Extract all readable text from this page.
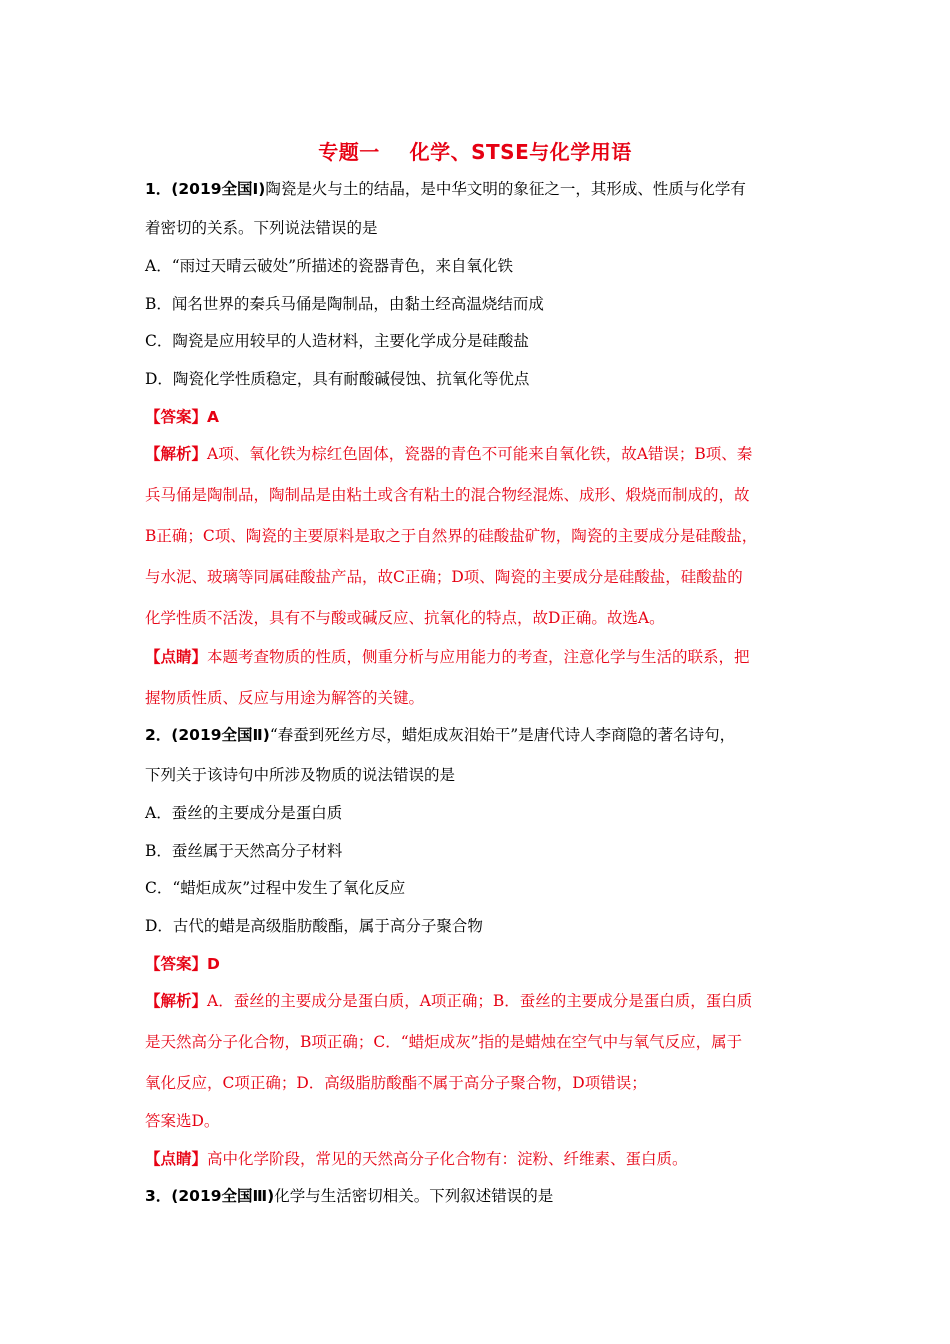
专题一    化学、STSE与化学用语
1．(2019全国Ⅰ)陶瓷是火与土的结晶，是中华文明的象征之一，其形成、性质与化学有
着密切的关系。下列说法错误的是
A．“雨过天晴云破处”所描述的瓷器青色，来自氧化铁
B．闻名世界的秦兵马俑是陶制品，由黏土经高温烧结而成
C．陶瓷是应用较早的人造材料，主要化学成分是硅酸盐
D．陶瓷化学性质稳定，具有耐酸碱侵蚀、抗氧化等优点
【答案】A
【解析】A项、氧化铁为棕红色固体，瓷器的青色不可能来自氧化铁，故A错误；B项、秦
兵马俑是陶制品，陶制品是由粘土或含有粘土的混合物经混炼、成形、煅烧而制成的，故
B正确；C项、陶瓷的主要原料是取之于自然界的硅酸盐矿物，陶瓷的主要成分是硅酸盐，
与水泥、玻璃等同属硅酸盐产品，故C正确；D项、陶瓷的主要成分是硅酸盐，硅酸盐的
化学性质不活泼，具有不与酸或碱反应、抗氧化的特点，故D正确。故选A。
【点睛】本题考查物质的性质，侧重分析与应用能力的考查，注意化学与生活的联系，把
握物质性质、反应与用途为解答的关键。
2．(2019全国Ⅱ)“春蚕到死丝方尽，蜡炬成灰泪始干”是唐代诗人李商隐的著名诗句，
下列关于该诗句中所涉及物质的说法错误的是
A．蚕丝的主要成分是蛋白质
B．蚕丝属于天然高分子材料
C．“蜡炬成灰”过程中发生了氧化反应
D．古代的蜡是高级脂肪酸酯，属于高分子聚合物
【答案】D
【解析】A．蚕丝的主要成分是蛋白质，A项正确；B．蚕丝的主要成分是蛋白质，蛋白质
是天然高分子化合物，B项正确；C．“蜡炬成灰”指的是蜡烛在空气中与氧气反应，属于
氧化反应，C项正确；D．高级脂肪酸酯不属于高分子聚合物，D项错误；
答案选D。
【点睛】高中化学阶段，常见的天然高分子化合物有：淀粉、纤维素、蛋白质。
3．(2019全国Ⅲ)化学与生活密切相关。下列叙述错误的是
